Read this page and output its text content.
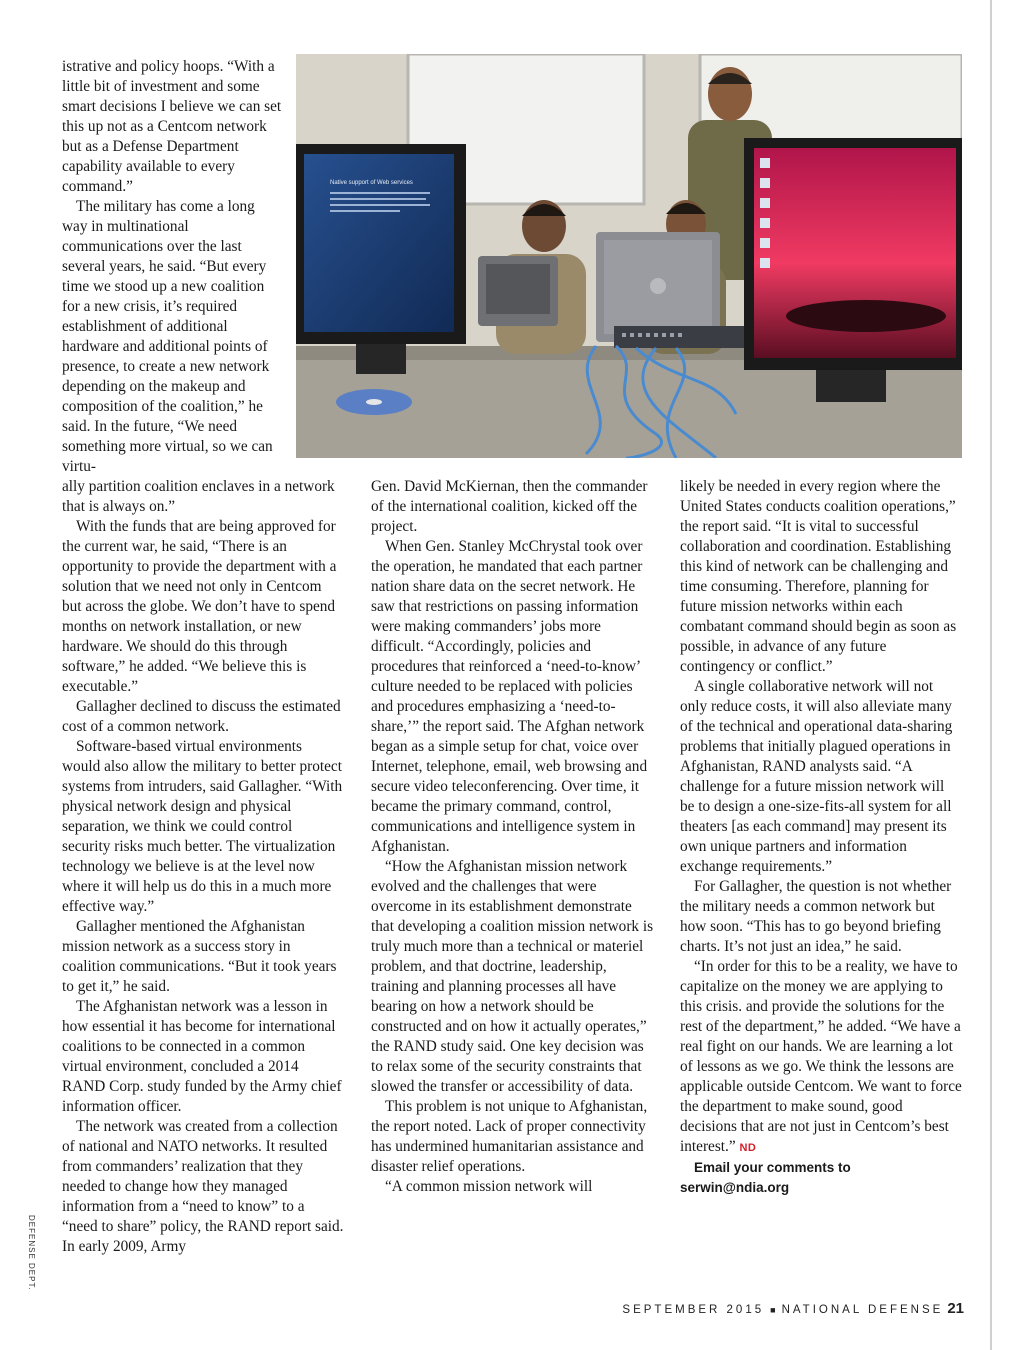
istrative and policy hoops. “With a little bit of investment and some smart decisions I believe we can set this up not as a Centcom network but as a Defense Department capability available to every command.”

The military has come a long way in multinational communications over the last several years, he said. “But every time we stood up a new coalition for a new crisis, it’s required establishment of additional hardware and additional points of presence, to create a new network depending on the makeup and composition of the coalition,” he said. In the future, “We need something more virtual, so we can virtu-

Native support of Web services

ally partition coalition enclaves in a network that is always on.”

With the funds that are being approved for the current war, he said, “There is an opportunity to provide the department with a solution that we need not only in Centcom but across the globe. We don’t have to spend months on network installation, or new hardware. We should do this through software,” he added. “We believe this is executable.”

Gallagher declined to discuss the estimated cost of a common network.

Software-based virtual environments would also allow the military to better protect systems from intruders, said Gallagher. “With physical network design and physical separation, we think we could control security risks much better. The virtualization technology we believe is at the level now where it will help us do this in a much more effective way.”

Gallagher mentioned the Afghanistan mission network as a success story in coalition communications. “But it took years to get it,” he said.

The Afghanistan network was a lesson in how essential it has become for international coalitions to be connected in a common virtual environment, concluded a 2014 RAND Corp. study funded by the Army chief information officer.

The network was created from a collection of national and NATO networks. It resulted from commanders’ realization that they needed to change how they managed information from a “need to know” to a “need to share” policy, the RAND report said. In early 2009, Army

Gen. David McKiernan, then the commander of the international coalition, kicked off the project.

When Gen. Stanley McChrystal took over the operation, he mandated that each partner nation share data on the secret network. He saw that restrictions on passing information were making commanders’ jobs more difficult. “Accordingly, policies and procedures that reinforced a ‘need-to-know’ culture needed to be replaced with policies and procedures emphasizing a ‘need-to-share,’” the report said. The Afghan network began as a simple setup for chat, voice over Internet, telephone, email, web browsing and secure video teleconferencing. Over time, it became the primary command, control, communications and intelligence system in Afghanistan.

“How the Afghanistan mission network evolved and the challenges that were overcome in its establishment demonstrate that developing a coalition mission network is truly much more than a technical or materiel problem, and that doctrine, leadership, training and planning processes all have bearing on how a network should be constructed and on how it actually operates,” the RAND study said. One key decision was to relax some of the security constraints that slowed the transfer or accessibility of data.

This problem is not unique to Afghanistan, the report noted. Lack of proper connectivity has undermined humanitarian assistance and disaster relief operations.

“A common mission network will

likely be needed in every region where the United States conducts coalition operations,” the report said. “It is vital to successful collaboration and coordination. Establishing this kind of network can be challenging and time consuming. Therefore, planning for future mission networks within each combatant command should begin as soon as possible, in advance of any future contingency or conflict.”

A single collaborative network will not only reduce costs, it will also alleviate many of the technical and operational data-sharing problems that initially plagued operations in Afghanistan, RAND analysts said. “A challenge for a future mission network will be to design a one-size-fits-all system for all theaters [as each command] may present its own unique partners and information exchange requirements.”

For Gallagher, the question is not whether the military needs a common network but how soon. “This has to go beyond briefing charts. It’s not just an idea,” he said.

“In order for this to be a reality, we have to capitalize on the money we are applying to this crisis. and provide the solutions for the rest of the department,” he added. “We have a real fight on our hands. We are learning a lot of lessons as we go. We think the lessons are applicable outside Centcom. We want to force the department to make sound, good decisions that are not just in Centcom’s best interest.” ND

Email your comments to serwin@ndia.org

DEFENSE DEPT.
SEPTEMBER 2015 ■ NATIONAL DEFENSE 21
